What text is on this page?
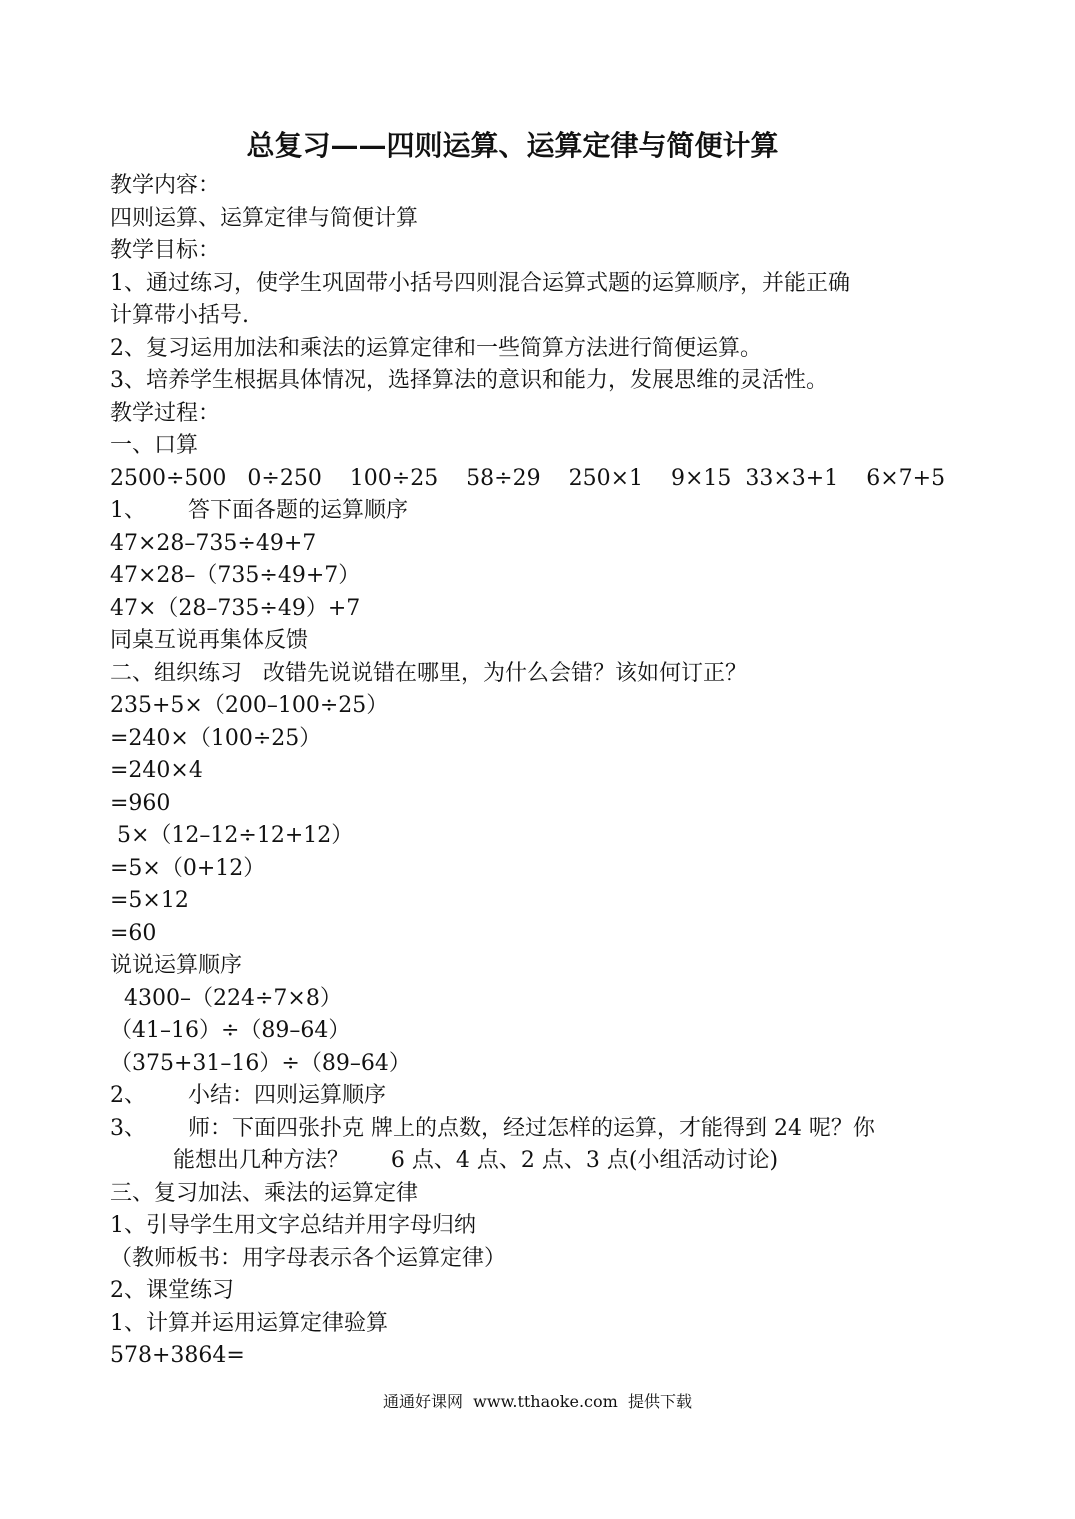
总复习——四则运算、运算定律与简便计算
教学内容：
四则运算、运算定律与简便计算
教学目标：
1、通过练习，使学生巩固带小括号四则混合运算式题的运算顺序，并能正确
计算带小括号.
2、复习运用加法和乘法的运算定律和一些简算方法进行简便运算。
3、培养学生根据具体情况，选择算法的意识和能力，发展思维的灵活性。
教学过程：
一、口算
2500÷500   0÷250    100÷25    58÷29    250×1    9×15  33×3+1    6×7+5
1、      答下面各题的运算顺序
47×28–735÷49+7
47×28–（735÷49+7）
47×（28–735÷49）+7
同桌互说再集体反馈
二、组织练习   改错先说说错在哪里，为什么会错？该如何订正？
235+5×（200–100÷25）
=240×（100÷25）
=240×4
=960
5×（12–12÷12+12）
=5×（0+12）
=5×12
=60
说说运算顺序
4300–（224÷7×8）
（41–16）÷（89–64）
（375+31–16）÷（89–64）
2、      小结：四则运算顺序
3、      师：下面四张扑克 牌上的点数，经过怎样的运算，才能得到 24 呢？你
能想出几种方法？      6 点、4 点、2 点、3 点(小组活动讨论)
三、复习加法、乘法的运算定律
1、引导学生用文字总结并用字母归纳
（教师板书：用字母表示各个运算定律）
2、课堂练习
1、计算并运用运算定律验算
578+3864=
通通好课网  www.tthaoke.com  提供下载
